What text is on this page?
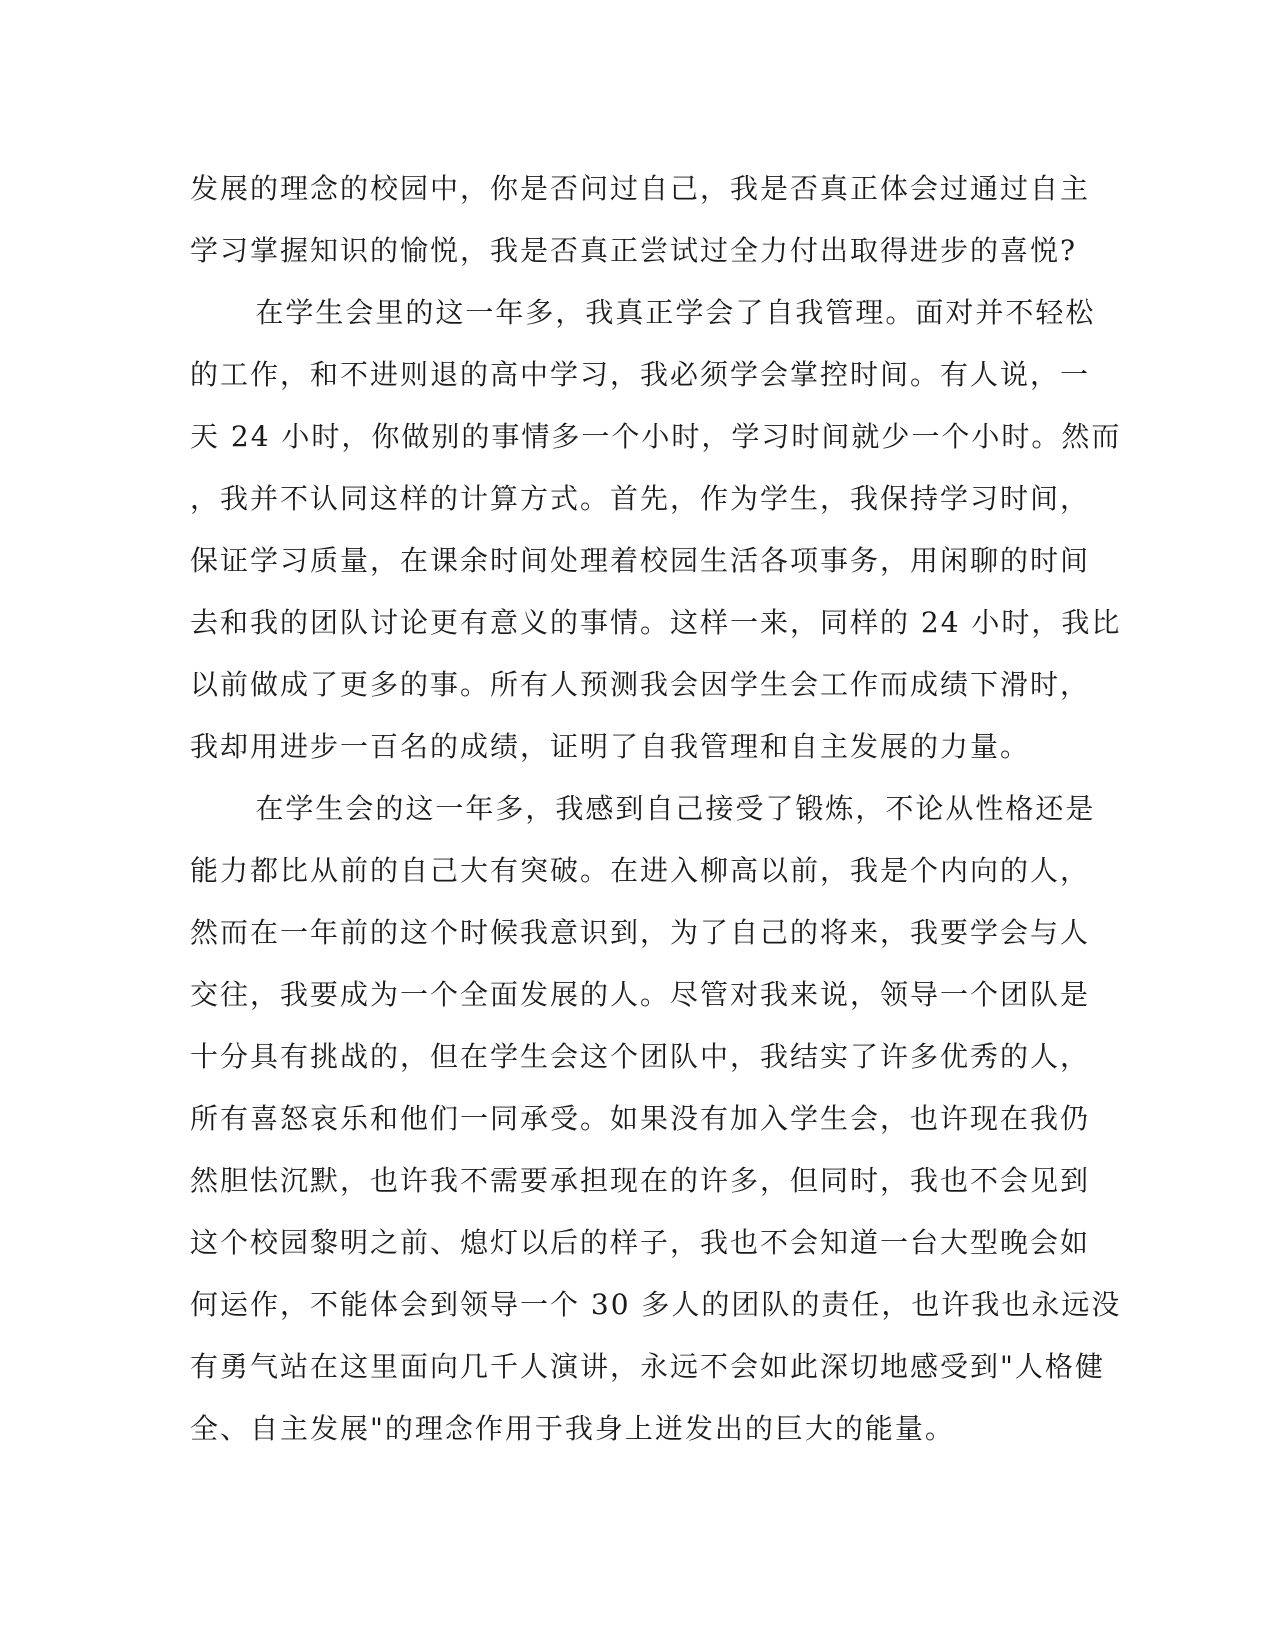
发展的理念的校园中，你是否问过自己，我是否真正体会过通过自主
学习掌握知识的愉悦，我是否真正尝试过全力付出取得进步的喜悦?
在学生会里的这一年多，我真正学会了自我管理。面对并不轻松
的工作，和不进则退的高中学习，我必须学会掌控时间。有人说，一
天 24 小时，你做别的事情多一个小时，学习时间就少一个小时。然而
，我并不认同这样的计算方式。首先，作为学生，我保持学习时间，
保证学习质量，在课余时间处理着校园生活各项事务，用闲聊的时间
去和我的团队讨论更有意义的事情。这样一来，同样的 24 小时，我比
以前做成了更多的事。所有人预测我会因学生会工作而成绩下滑时，
我却用进步一百名的成绩，证明了自我管理和自主发展的力量。
在学生会的这一年多，我感到自己接受了锻炼，不论从性格还是
能力都比从前的自己大有突破。在进入柳高以前，我是个内向的人，
然而在一年前的这个时候我意识到，为了自己的将来，我要学会与人
交往，我要成为一个全面发展的人。尽管对我来说，领导一个团队是
十分具有挑战的，但在学生会这个团队中，我结实了许多优秀的人，
所有喜怒哀乐和他们一同承受。如果没有加入学生会，也许现在我仍
然胆怯沉默，也许我不需要承担现在的许多，但同时，我也不会见到
这个校园黎明之前、熄灯以后的样子，我也不会知道一台大型晚会如
何运作，不能体会到领导一个 30 多人的团队的责任，也许我也永远没
有勇气站在这里面向几千人演讲，永远不会如此深切地感受到"人格健
全、自主发展"的理念作用于我身上迸发出的巨大的能量。
